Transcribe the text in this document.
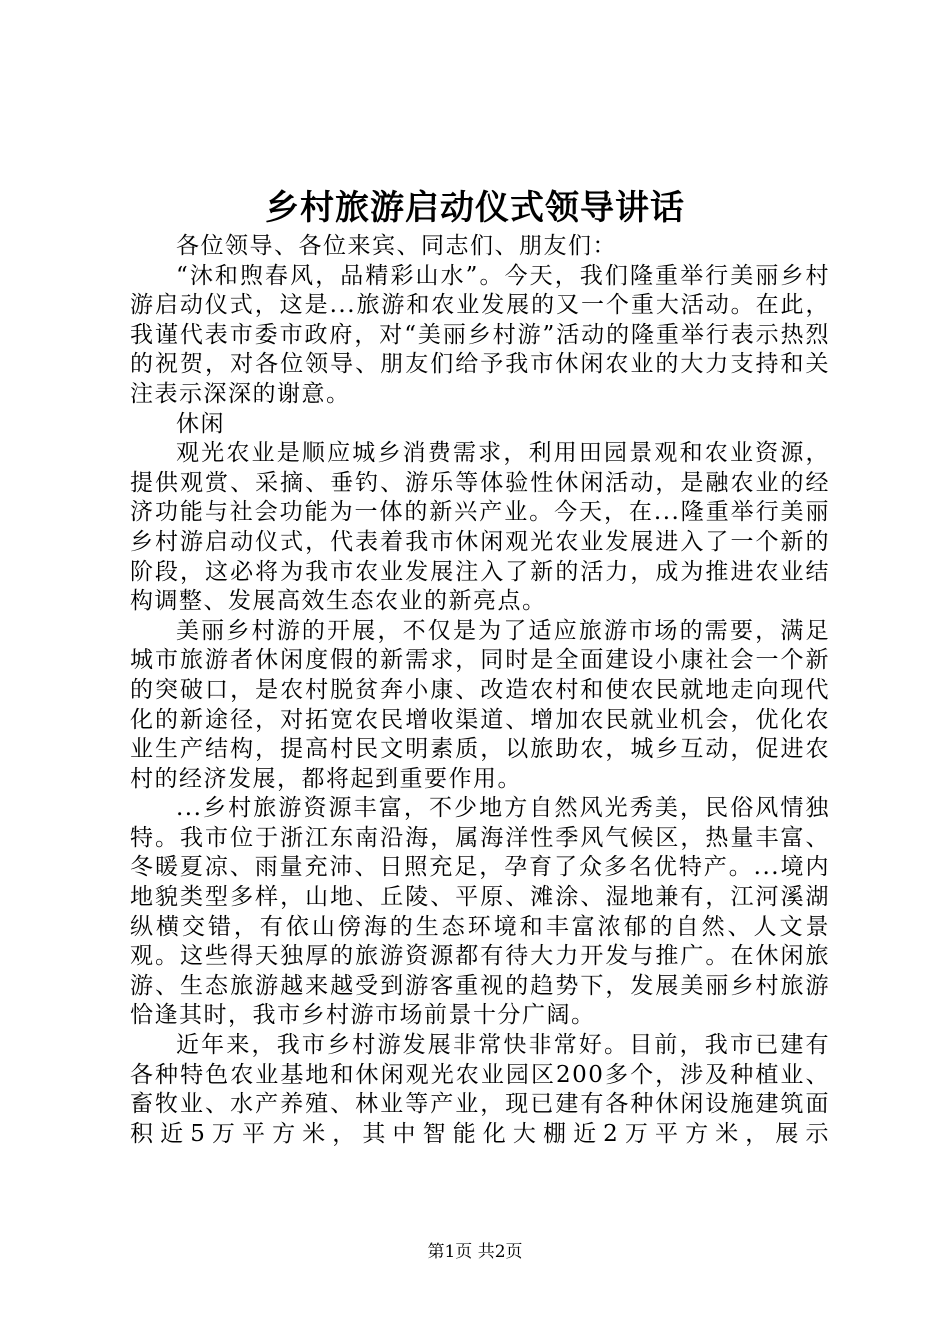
乡村旅游启动仪式领导讲话

各位领导、各位来宾、同志们、朋友们：

“沐和煦春风，品精彩山水”。今天，我们隆重举行美丽乡村游启动仪式，这是...旅游和农业发展的又一个重大活动。在此，我谨代表市委市政府，对“美丽乡村游”活动的隆重举行表示热烈的祝贺，对各位领导、朋友们给予我市休闲农业的大力支持和关注表示深深的谢意。

休闲

观光农业是顺应城乡消费需求，利用田园景观和农业资源，提供观赏、采摘、垂钓、游乐等体验性休闲活动，是融农业的经济功能与社会功能为一体的新兴产业。今天，在...隆重举行美丽乡村游启动仪式，代表着我市休闲观光农业发展进入了一个新的阶段，这必将为我市农业发展注入了新的活力，成为推进农业结构调整、发展高效生态农业的新亮点。

美丽乡村游的开展，不仅是为了适应旅游市场的需要，满足城市旅游者休闲度假的新需求，同时是全面建设小康社会一个新的突破口，是农村脱贫奔小康、改造农村和使农民就地走向现代化的新途径，对拓宽农民增收渠道、增加农民就业机会，优化农业生产结构，提高村民文明素质，以旅助农，城乡互动，促进农村的经济发展，都将起到重要作用。

...乡村旅游资源丰富，不少地方自然风光秀美，民俗风情独特。我市位于浙江东南沿海，属海洋性季风气候区，热量丰富、冬暖夏凉、雨量充沛、日照充足，孕育了众多名优特产。...境内地貌类型多样，山地、丘陵、平原、滩涂、湿地兼有，江河溪湖纵横交错，有依山傍海的生态环境和丰富浓郁的自然、人文景观。这些得天独厚的旅游资源都有待大力开发与推广。在休闲旅游、生态旅游越来越受到游客重视的趋势下，发展美丽乡村旅游恰逢其时，我市乡村游市场前景十分广阔。

近年来，我市乡村游发展非常快非常好。目前，我市已建有各种特色农业基地和休闲观光农业园区200多个，涉及种植业、畜牧业、水产养殖、林业等产业，现已建有各种休闲设施建筑面积近5万平方米，其中智能化大棚近2万平方米，展示

第1页 共2页
